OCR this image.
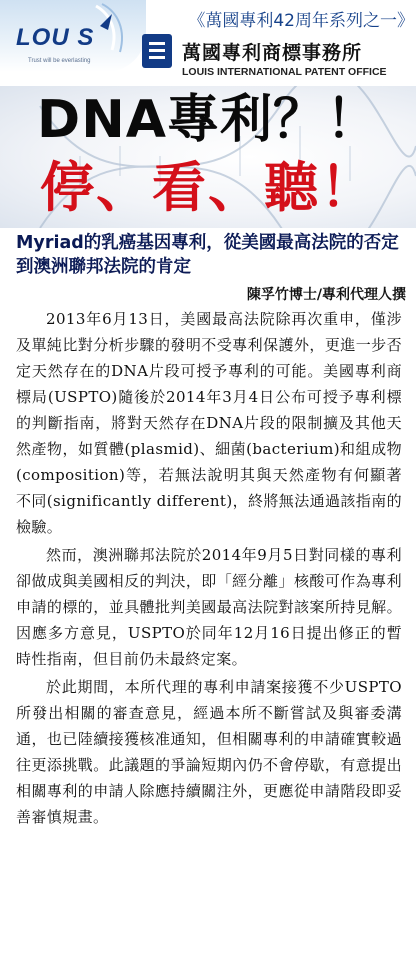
LOU S
Trust will be everlasting
《萬國專利42周年系列之一》
萬國專利商標事務所
LOUIS INTERNATIONAL PATENT OFFICE
DNA專利？！
停、看、聽！
Myriad的乳癌基因專利，從美國最高法院的否定到澳洲聯邦法院的肯定
陳孚竹博士/專利代理人撰

2013年6月13日，美國最高法院除再次重申，僅涉及單純比對分析步驟的發明不受專利保護外，更進一步否定天然存在的DNA片段可授予專利的可能。美國專利商標局(USPTO)隨後於2014年3月4日公布可授予專利標的判斷指南，將對天然存在DNA片段的限制擴及其他天然產物，如質體(plasmid)、細菌(bacterium)和組成物(composition)等，若無法說明其與天然產物有何顯著不同(significantly different)，終將無法通過該指南的檢驗。

然而，澳洲聯邦法院於2014年9月5日對同樣的專利卻做成與美國相反的判決，即「經分離」核酸可作為專利申請的標的，並具體批判美國最高法院對該案所持見解。因應多方意見，USPTO於同年12月16日提出修正的暫時性指南，但目前仍未最終定案。

於此期間，本所代理的專利申請案接獲不少USPTO所發出相關的審查意見，經過本所不斷嘗試及與審委溝通，也已陸續接獲核准通知，但相關專利的申請確實較過往更添挑戰。此議題的爭論短期內仍不會停歇，有意提出相關專利的申請人除應持續關注外，更應從申請階段即妥善審慎規畫。
